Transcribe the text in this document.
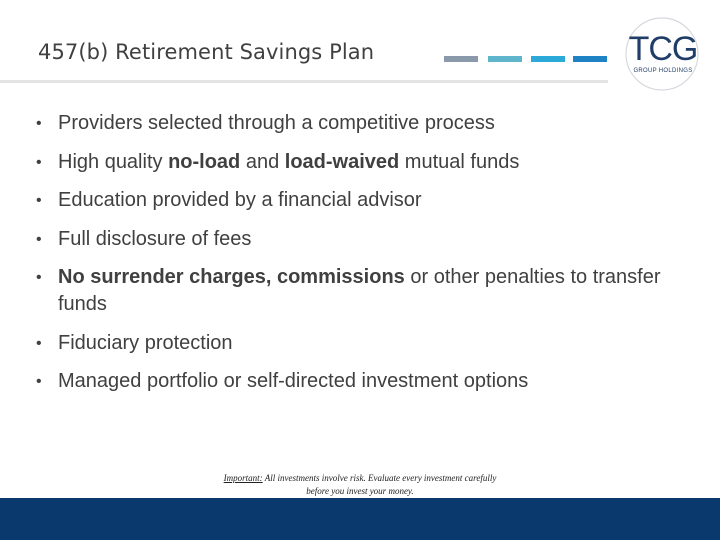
457(b) Retirement Savings Plan	TCG
GROUP HOLDINGS
• Providers selected through a competitive process
• High quality no-load and load-waived mutual funds
• Education provided by a financial advisor
• Full disclosure of fees
• No surrender charges, commissions or other penalties to transfer funds
• Fiduciary protection
• Managed portfolio or self-directed investment options
Important: All investments involve risk. Evaluate every investment carefully
before you invest your money.
